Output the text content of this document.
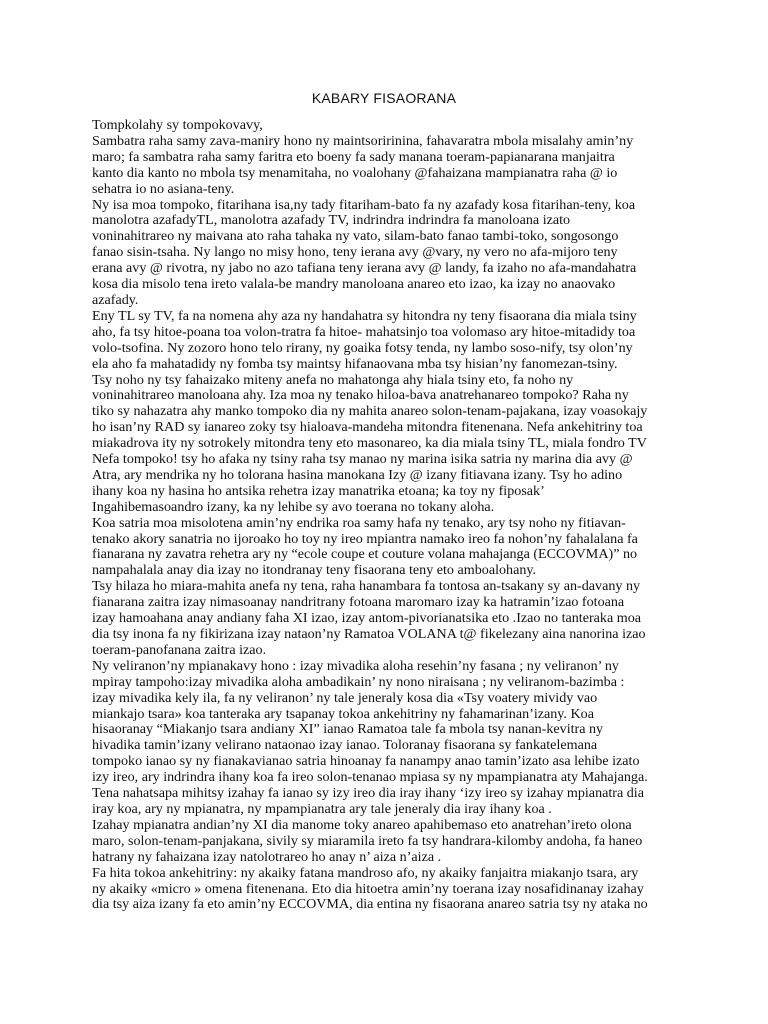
KABARY FISAORANA

Tompkolahy sy tompokovavy,

Sambatra raha samy zava-maniry hono ny maintsoririnina, fahavaratra mbola misalahy amin’ny
maro; fa sambatra raha samy faritra eto boeny fa sady manana toeram-papianarana manjaitra
kanto dia kanto no mbola tsy menamitaha, no voalohany @fahaizana mampianatra raha @ io
sehatra io no asiana-teny.

Ny isa moa tompoko, fitarihana isa,ny tady fitariham-bato fa ny azafady kosa fitarihan-teny, koa
manolotra azafadyTL, manolotra azafady TV, indrindra indrindra fa manoloana izato
voninahitrareo ny maivana ato raha tahaka ny vato, silam-bato fanao tambi-toko, songosongo
fanao sisin-tsaha. Ny lango no misy hono, teny ierana avy @vary, ny vero no afa-mijoro teny
erana avy @ rivotra, ny jabo no azo tafiana teny ierana avy @ landy, fa izaho no afa-mandahatra
kosa dia misolo tena ireto valala-be mandry manoloana anareo eto izao, ka izay no anaovako
azafady.

Eny TL sy TV, fa na nomena ahy aza ny handahatra sy hitondra ny teny fisaorana dia miala tsiny
aho, fa tsy hitoe-poana toa volon-tratra fa hitoe- mahatsinjo toa volomaso ary hitoe-mitadidy toa
volo-tsofina. Ny zozoro hono telo rirany, ny goaika fotsy tenda, ny lambo soso-nify, tsy olon’ny
ela aho fa mahatadidy ny fomba tsy maintsy hifanaovana mba tsy hisian’ny fanomezan-tsiny.

Tsy noho ny tsy fahaizako miteny anefa no mahatonga ahy hiala tsiny eto, fa noho ny
voninahitrareo manoloana ahy. Iza moa ny tenako hiloa-bava anatrehanareo tompoko? Raha ny
tiko sy nahazatra ahy manko tompoko dia ny mahita anareo solon-tenam-pajakana, izay voasokajy
ho isan’ny RAD sy ianareo zoky tsy hialoava-mandeha mitondra fitenenana. Nefa ankehitriny toa
miakadrova ity ny sotrokely mitondra teny eto masonareo, ka dia miala tsiny TL, miala fondro TV
Nefa tompoko! tsy ho afaka ny tsiny raha tsy manao ny marina isika satria ny marina dia avy @
Atra, ary mendrika ny ho tolorana hasina manokana Izy @ izany fitiavana izany. Tsy ho adino
ihany koa ny hasina ho antsika rehetra izay manatrika etoana; ka toy ny fiposak’
Ingahibemasoandro izany, ka ny lehibe sy avo toerana no tokany aloha.

Koa satria moa misolotena amin’ny endrika roa samy hafa ny tenako, ary tsy noho ny fitiavan-
tenako akory sanatria no ijoroako ho toy ny ireo mpiantra namako ireo fa nohon’ny fahalalana fa
fianarana ny zavatra rehetra ary ny “ecole coupe et couture volana mahajanga (ECCOVMA)” no
nampahalala anay dia izay no itondranay teny fisaorana teny eto amboalohany.

Tsy hilaza ho miara-mahita anefa ny tena, raha hanambara fa tontosa an-tsakany sy an-davany ny
fianarana zaitra izay nimasoanay nandritrany fotoana maromaro izay ka hatramin’izao fotoana
izay hamoahana anay andiany faha XI izao, izay antom-pivorianatsika eto .Izao no tanteraka moa
dia tsy inona fa ny fikirizana izay nataon’ny Ramatoa VOLANA t@ fikelezany aina nanorina izao
toeram-panofanana zaitra izao.

Ny veliranon’ny mpianakavy hono : izay mivadika aloha resehin’ny fasana ; ny veliranon’ ny
mpiray tampoho:izay mivadika aloha ambadikain’ ny nono niraisana ; ny veliranom-bazimba :
izay mivadika kely ila, fa ny veliranon’ ny tale jeneraly kosa dia «Tsy voatery mividy vao
miankajo tsara» koa tanteraka ary tsapanay tokoa ankehitriny ny fahamarinan’izany. Koa
hisaoranay “Miakanjo tsara andiany XI” ianao Ramatoa tale fa mbola tsy nanan-kevitra ny
hivadika tamin’izany velirano nataonao izay ianao. Toloranay fisaorana sy fankatelemana
tompoko ianao sy ny fianakavianao satria hinoanay fa nanampy anao tamin’izato asa lehibe izato
izy ireo, ary indrindra ihany koa fa ireo solon-tenanao mpiasa sy ny mpampianatra aty Mahajanga.
Tena nahatsapa mihitsy izahay fa ianao sy izy ireo dia iray ihany ‘izy ireo sy izahay mpianatra dia
iray koa, ary ny mpianatra, ny mpampianatra ary tale jeneraly dia iray ihany koa .

Izahay mpianatra andian’ny XI dia manome toky anareo apahibemaso eto anatrehan’ireto olona
maro, solon-tenam-panjakana, sivily sy miaramila ireto fa tsy handrara-kilomby andoha, fa haneo
hatrany ny fahaizana izay natolotrareo ho anay n’ aiza n’aiza .

Fa hita tokoa ankehitriny: ny akaiky fatana mandroso afo, ny akaiky fanjaitra miakanjo tsara, ary
ny akaiky «micro » omena fitenenana. Eto dia hitoetra amin’ny toerana izay nosafidinanay izahay
dia tsy aiza izany fa eto amin’ny ECCOVMA, dia entina ny fisaorana anareo satria tsy ny ataka no
